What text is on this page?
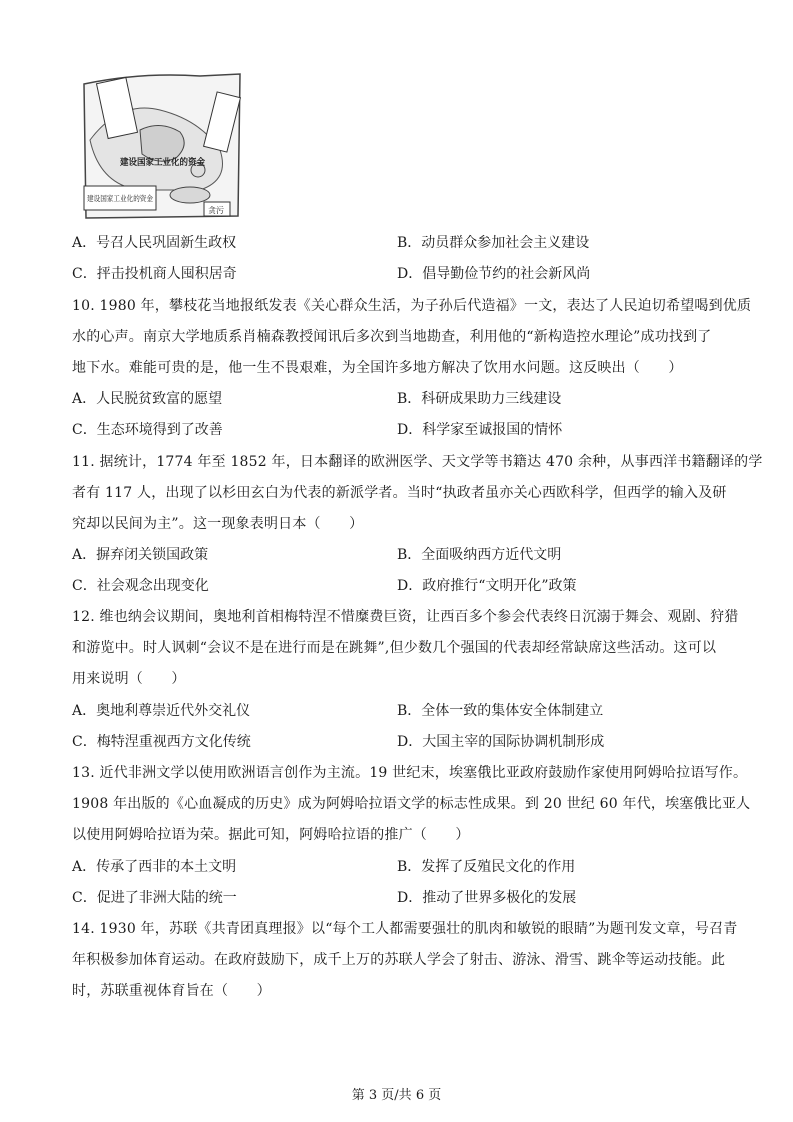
建设国家工业化的资金
建设国家工业化的资金
贪污
A．号召人民巩固新生政权	B．动员群众参加社会主义建设
C．抨击投机商人囤积居奇	D．倡导勤俭节约的社会新风尚
10. 1980 年，攀枝花当地报纸发表《关心群众生活，为子孙后代造福》一文，表达了人民迫切希望喝到优质
水的心声。南京大学地质系肖楠森教授闻讯后多次到当地勘查，利用他的“新构造控水理论”成功找到了
地下水。难能可贵的是，他一生不畏艰难，为全国许多地方解决了饮用水问题。这反映出（　　）
A．人民脱贫致富的愿望	B．科研成果助力三线建设
C．生态环境得到了改善	D．科学家至诚报国的情怀
11. 据统计，1774 年至 1852 年，日本翻译的欧洲医学、天文学等书籍达 470 余种，从事西洋书籍翻译的学
者有 117 人，出现了以杉田玄白为代表的新派学者。当时“执政者虽亦关心西欧科学，但西学的输入及研
究却以民间为主”。这一现象表明日本（　　）
A．摒弃闭关锁国政策	B．全面吸纳西方近代文明
C．社会观念出现变化	D．政府推行“文明开化”政策
12. 维也纳会议期间，奥地利首相梅特涅不惜糜费巨资，让西百多个参会代表终日沉溺于舞会、观剧、狩猎
和游览中。时人讽刺“会议不是在进行而是在跳舞”,但少数几个强国的代表却经常缺席这些活动。这可以
用来说明（　　）
A．奥地利尊崇近代外交礼仪	B．全体一致的集体安全体制建立
C．梅特涅重视西方文化传统	D．大国主宰的国际协调机制形成
13. 近代非洲文学以使用欧洲语言创作为主流。19 世纪末，埃塞俄比亚政府鼓励作家使用阿姆哈拉语写作。
1908 年出版的《心血凝成的历史》成为阿姆哈拉语文学的标志性成果。到 20 世纪 60 年代，埃塞俄比亚人
以使用阿姆哈拉语为荣。据此可知，阿姆哈拉语的推广（　　）
A．传承了西非的本土文明	B．发挥了反殖民文化的作用
C．促进了非洲大陆的统一	D．推动了世界多极化的发展
14. 1930 年，苏联《共青团真理报》以“每个工人都需要强壮的肌肉和敏锐的眼睛”为题刊发文章，号召青
年积极参加体育运动。在政府鼓励下，成千上万的苏联人学会了射击、游泳、滑雪、跳伞等运动技能。此
时，苏联重视体育旨在（　　）
第 3 页/共 6 页
